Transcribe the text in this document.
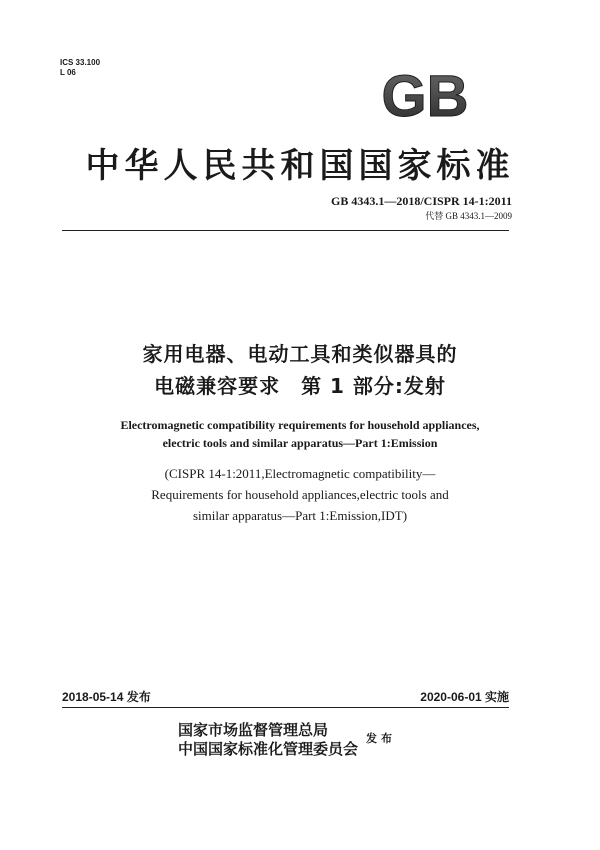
ICS 33.100
L 06	GB
中华人民共和国国家标准
GB 4343.1—2018/CISPR 14-1:2011
代替 GB 4343.1—2009
家用电器、电动工具和类似器具的
电磁兼容要求　第 1 部分:发射
Electromagnetic compatibility requirements for household appliances,
electric tools and similar apparatus—Part 1:Emission
(CISPR 14-1:2011,Electromagnetic compatibility—
Requirements for household appliances,electric tools and
similar apparatus—Part 1:Emission,IDT)
2018-05-14 发布	2020-06-01 实施
国家市场监督管理总局
中国国家标准化管理委员会
发布
